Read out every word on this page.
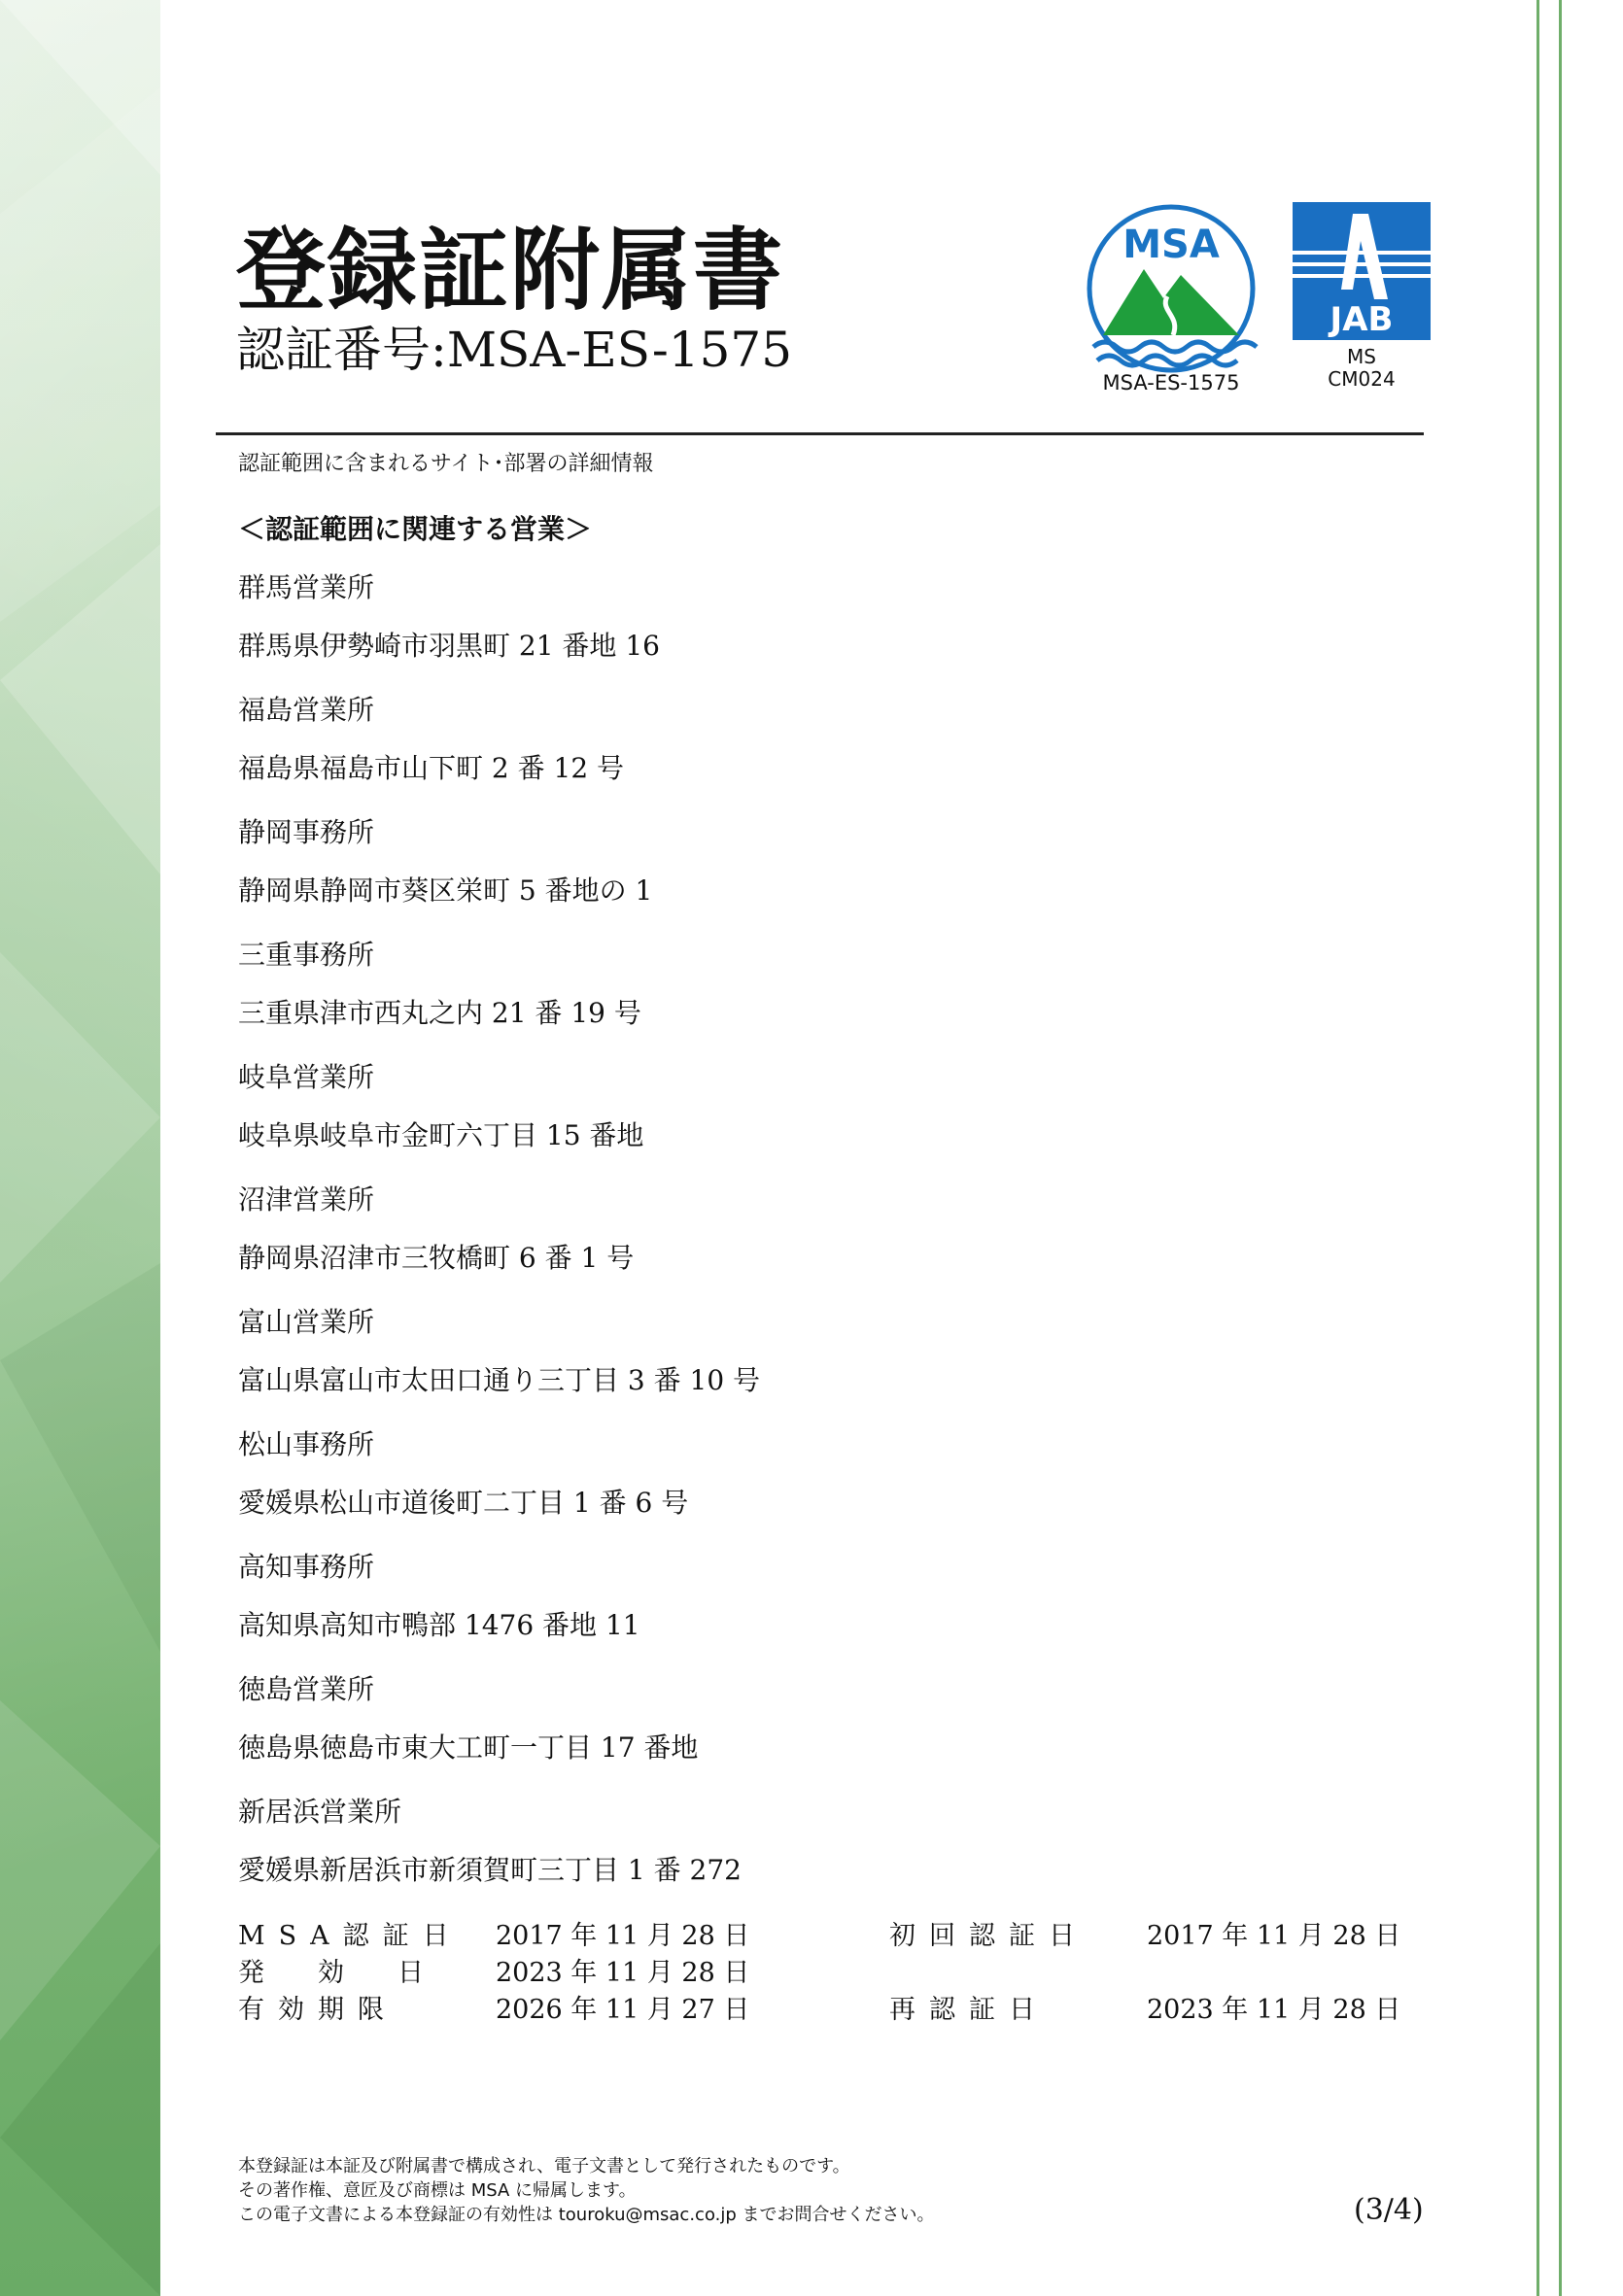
登録証附属書
認証番号:MSA-ES-1575
MSA
MSA-ES-1575
JAB
MS
CM024
認証範囲に含まれるサイト･部署の詳細情報
＜認証範囲に関連する営業＞
群馬営業所
群馬県伊勢崎市羽黒町 21 番地 16
福島営業所
福島県福島市山下町 2 番 12 号
静岡事務所
静岡県静岡市葵区栄町 5 番地の 1
三重事務所
三重県津市西丸之内 21 番 19 号
岐阜営業所
岐阜県岐阜市金町六丁目 15 番地
沼津営業所
静岡県沼津市三牧橋町 6 番 1 号
富山営業所
富山県富山市太田口通り三丁目 3 番 10 号
松山事務所
愛媛県松山市道後町二丁目 1 番 6 号
高知事務所
高知県高知市鴨部 1476 番地 11
徳島営業所
徳島県徳島市東大工町一丁目 17 番地
新居浜営業所
愛媛県新居浜市新須賀町三丁目 1 番 272
MSA認証日 2017 年 11 月 28 日	初回認証日 2017 年 11 月 28 日
発　効　日 2023 年 11 月 28 日
有効期限	2026 年 11 月 27 日	再認証日	2023 年 11 月 28 日
本登録証は本証及び附属書で構成され、電子文書として発行されたものです。
その著作権、意匠及び商標は MSA に帰属します。
この電子文書による本登録証の有効性は touroku@msac.co.jp までお問合せください。	(3/4)
